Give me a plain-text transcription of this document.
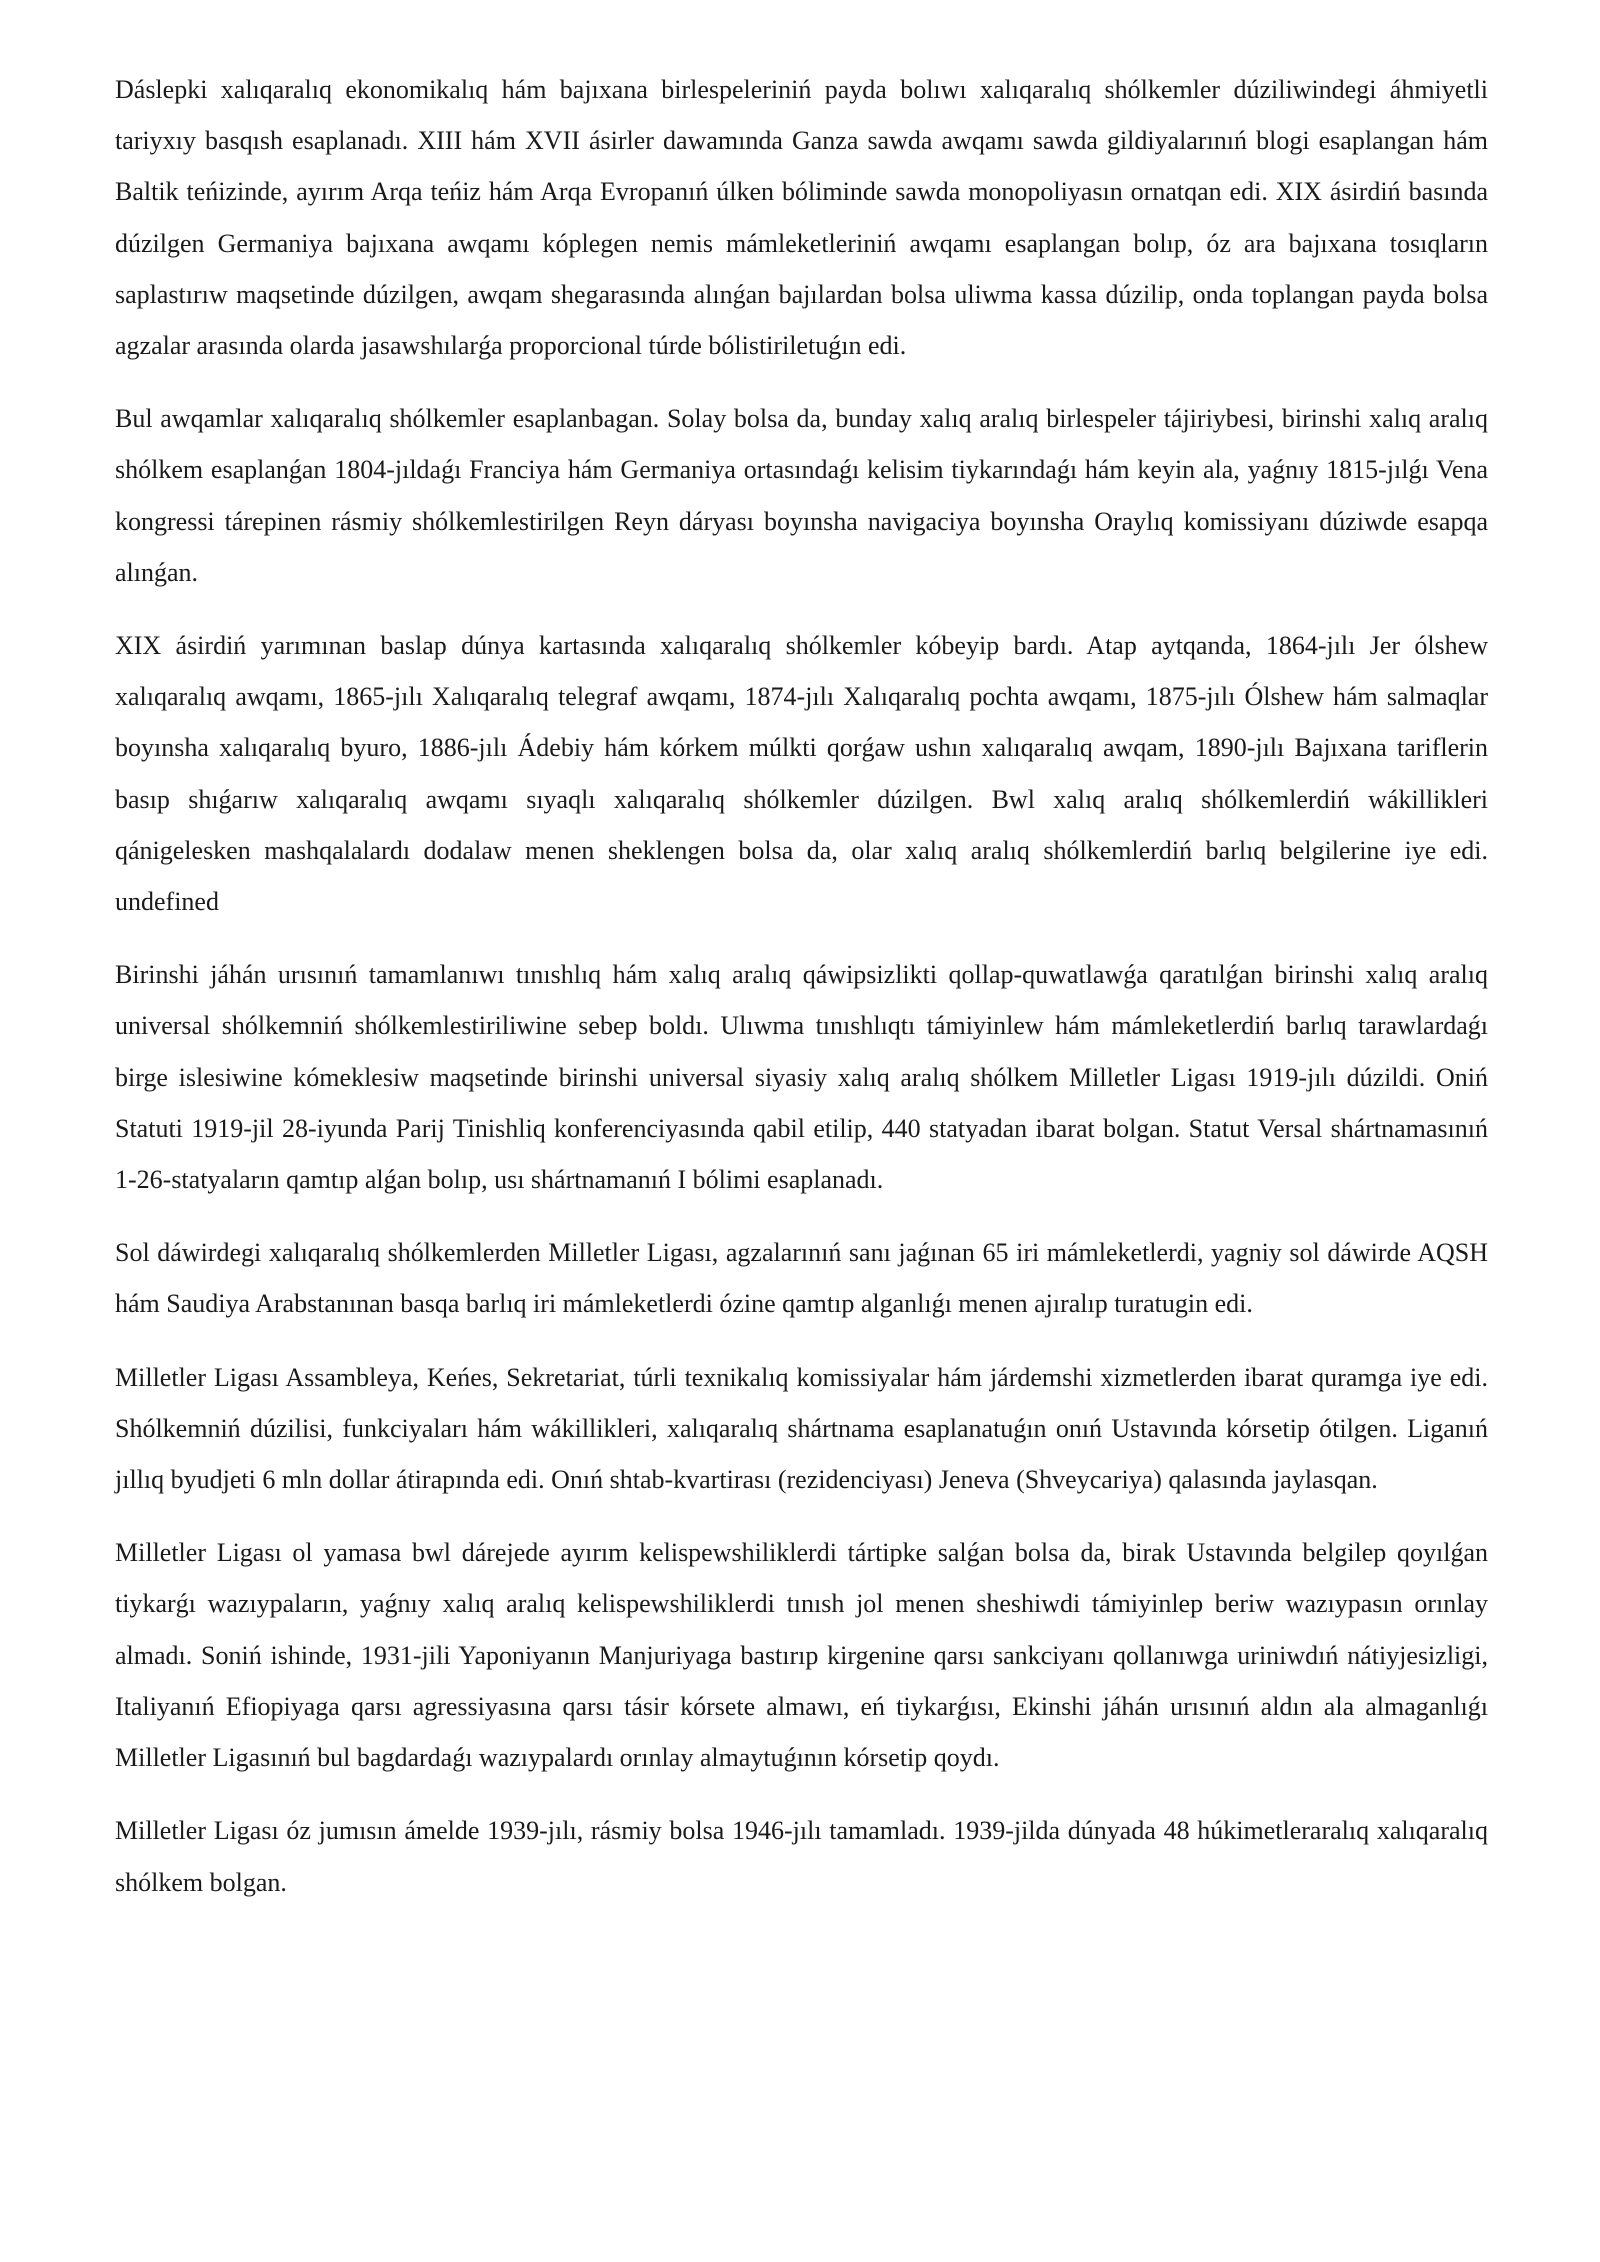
Dáslepki xalıqaralıq ekonomikalıq hám bajıxana birlespeleriniń payda bolıwı xalıqaralıq shólkemler dúziliwindegi áhmiyetli tariyxıy basqısh esaplanadı. XIII hám XVII ásirler dawamında Ganza sawda awqamı sawda gildiyalarınıń blogi esaplangan hám Baltik teńizinde, ayırım Arqa teńiz hám Arqa Evropanıń úlken bóliminde sawda monopoliyasın ornatqan edi. XIX ásirdiń basında dúzilgen Germaniya bajıxana awqamı kóplegen nemis mámleketleriniń awqamı esaplangan bolıp, óz ara bajıxana tosıqların saplastırıw maqsetinde dúzilgen, awqam shegarasında alınǵan bajılardan bolsa uliwma kassa dúzilip, onda toplangan payda bolsa agzalar arasında olarda jasawshılarǵa proporcional túrde bólistiriletuǵın edi.

Bul awqamlar xalıqaralıq shólkemler esaplanbagan. Solay bolsa da, bunday xalıq aralıq birlespeler tájiriybesi, birinshi xalıq aralıq shólkem esaplanǵan 1804-jıldaǵı Franciya hám Germaniya ortasındaǵı kelisim tiykarındaǵı hám keyin ala, yaǵnıy 1815-jılǵı Vena kongressi tárepinen rásmiy shólkemlestirilgen Reyn dáryası boyınsha navigaciya boyınsha Oraylıq komissiyanı dúziwde esapqa alınǵan.

XIX ásirdiń yarımınan baslap dúnya kartasında xalıqaralıq shólkemler kóbeyip bardı. Atap aytqanda, 1864-jılı Jer ólshew xalıqaralıq awqamı, 1865-jılı Xalıqaralıq telegraf awqamı, 1874-jılı Xalıqaralıq pochta awqamı, 1875-jılı Ólshew hám salmaqlar boyınsha xalıqaralıq byuro, 1886-jılı Ádebiy hám kórkem múlkti qorǵaw ushın xalıqaralıq awqam, 1890-jılı Bajıxana tariflerin basıp shıǵarıw xalıqaralıq awqamı sıyaqlı xalıqaralıq shólkemler dúzilgen. Bwl xalıq aralıq shólkemlerdiń wákillikleri qánigelesken mashqalalardı dodalaw menen sheklengen bolsa da, olar xalıq aralıq shólkemlerdiń barlıq belgilerine iye edi. undefined

Birinshi jáhán urısınıń tamamlanıwı tınıshlıq hám xalıq aralıq qáwipsizlikti qollap-quwatlawǵa qaratılǵan birinshi xalıq aralıq universal shólkemniń shólkemlestiriliwine sebep boldı. Ulıwma tınıshlıqtı támiyinlew hám mámleketlerdiń barlıq tarawlardaǵı birge islesiwine kómeklesiw maqsetinde birinshi universal siyasiy xalıq aralıq shólkem Milletler Ligası 1919-jılı dúzildi. Oniń Statuti 1919-jil 28-iyunda Parij Tinishliq konferenciyasında qabil etilip, 440 statyadan ibarat bolgan. Statut Versal shártnamasınıń 1-26-statyaların qamtıp alǵan bolıp, usı shártnamanıń I bólimi esaplanadı.

Sol dáwirdegi xalıqaralıq shólkemlerden Milletler Ligası, agzalarınıń sanı jaǵınan 65 iri mámleketlerdi, yagniy sol dáwirde AQSH hám Saudiya Arabstanınan basqa barlıq iri mámleketlerdi ózine qamtıp alganlıǵı menen ajıralıp turatugin edi.

Milletler Ligası Assambleya, Keńes, Sekretariat, túrli texnikalıq komissiyalar hám járdemshi xizmetlerden ibarat quramga iye edi. Shólkemniń dúzilisi, funkciyaları hám wákillikleri, xalıqaralıq shártnama esaplanatuǵın onıń Ustavında kórsetip ótilgen. Liganıń jıllıq byudjeti 6 mln dollar átirapında edi. Onıń shtab-kvartirası (rezidenciyası) Jeneva (Shveycariya) qalasında jaylasqan.

Milletler Ligası ol yamasa bwl dárejede ayırım kelispewshiliklerdi tártipke salǵan bolsa da, birak Ustavında belgilep qoyılǵan tiykarǵı wazıypaların, yaǵnıy xalıq aralıq kelispewshiliklerdi tınısh jol menen sheshiwdi támiyinlep beriw wazıypasın orınlay almadı. Soniń ishinde, 1931-jili Yaponiyanın Manjuriyaga bastırıp kirgenine qarsı sankciyanı qollanıwga uriniwdıń nátiyjesizligi, Italiyanıń Efiopiyaga qarsı agressiyasına qarsı tásir kórsete almawı, eń tiykarǵısı, Ekinshi jáhán urısınıń aldın ala almaganlıǵı Milletler Ligasınıń bul bagdardaǵı wazıypalardı orınlay almaytuǵının kórsetip qoydı.

Milletler Ligası óz jumısın ámelde 1939-jılı, rásmiy bolsa 1946-jılı tamamladı. 1939-jilda dúnyada 48 húkimetlerаralıq xalıqaralıq shólkem bolgan.
